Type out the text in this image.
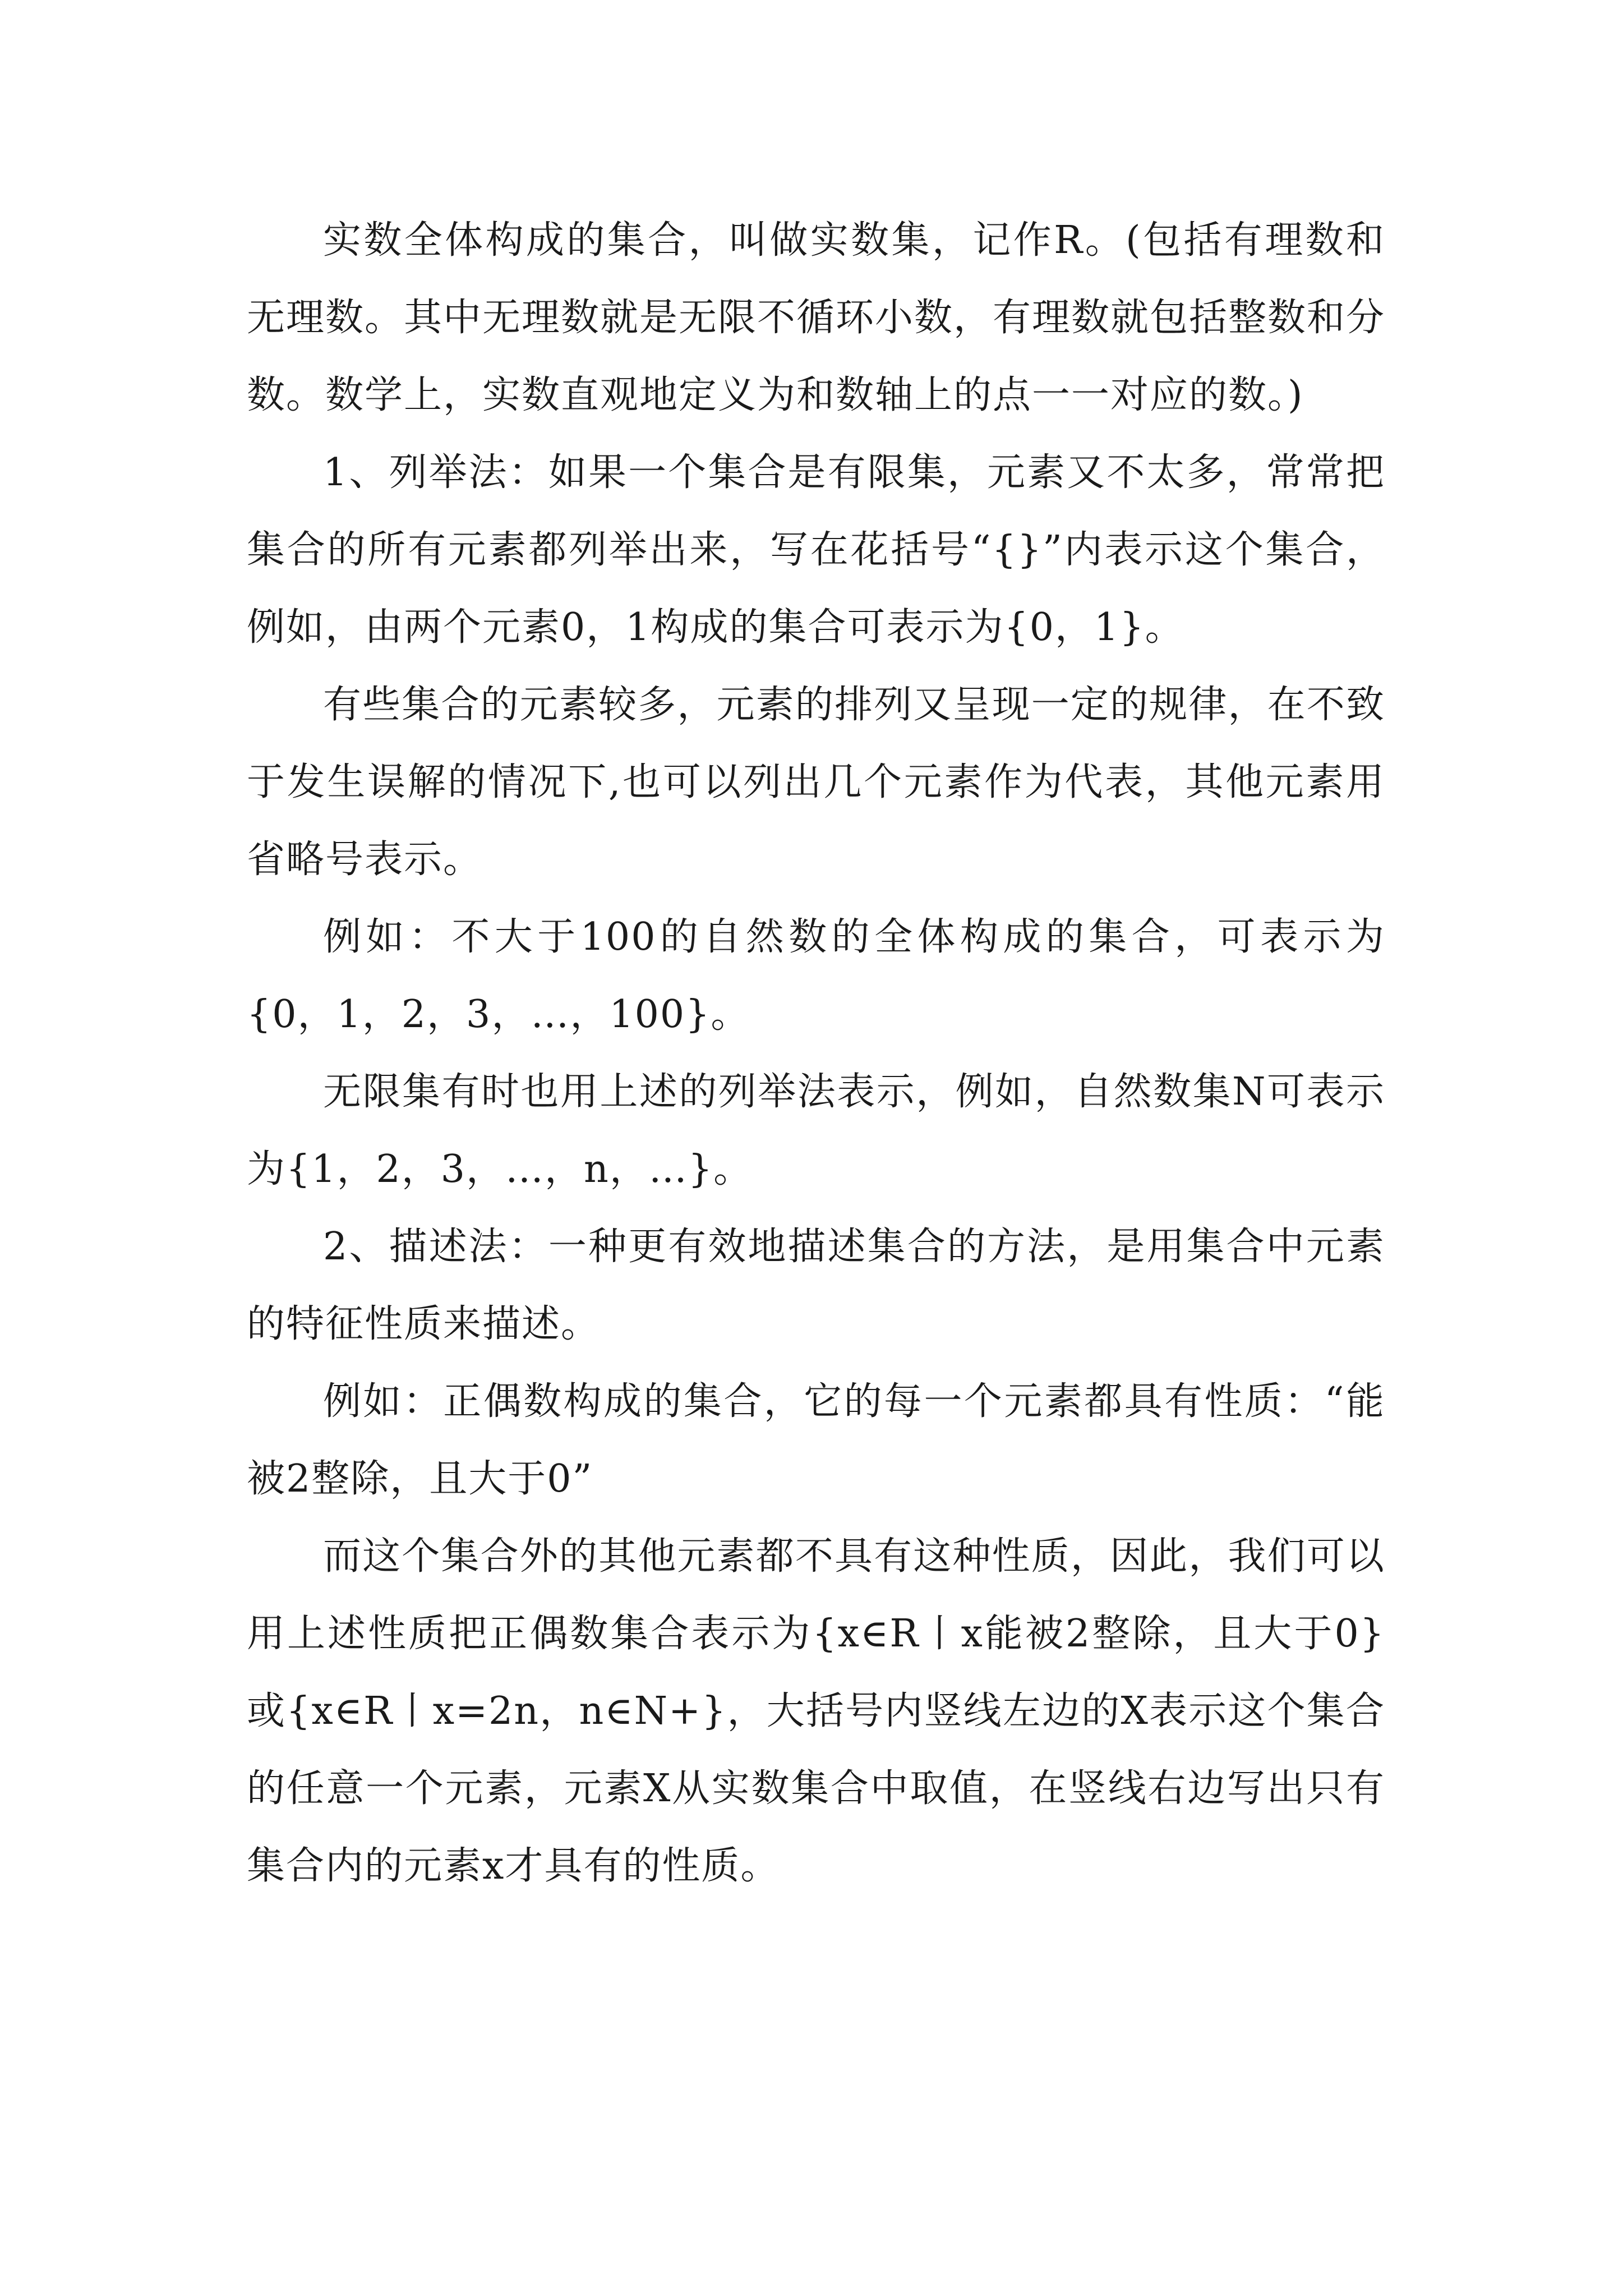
实数全体构成的集合，叫做实数集，记作R。(包括有理数和无理数。其中无理数就是无限不循环小数，有理数就包括整数和分数。数学上，实数直观地定义为和数轴上的点一一对应的数。)

1、列举法：如果一个集合是有限集，元素又不太多，常常把集合的所有元素都列举出来，写在花括号“{}”内表示这个集合，例如，由两个元素0，1构成的集合可表示为{0，1}。

有些集合的元素较多，元素的排列又呈现一定的规律，在不致于发生误解的情况下,也可以列出几个元素作为代表，其他元素用省略号表示。

例如：不大于100的自然数的全体构成的集合，可表示为{0，1，2，3，…，100}。

无限集有时也用上述的列举法表示，例如，自然数集N可表示为{1，2，3，…，n，…}。

2、描述法：一种更有效地描述集合的方法，是用集合中元素的特征性质来描述。

例如：正偶数构成的集合，它的每一个元素都具有性质：“能被2整除，且大于0”

而这个集合外的其他元素都不具有这种性质，因此，我们可以用上述性质把正偶数集合表示为{x∈R丨x能被2整除，且大于0}或{x∈R丨x=2n，n∈N+}，大括号内竖线左边的X表示这个集合的任意一个元素，元素X从实数集合中取值，在竖线右边写出只有集合内的元素x才具有的性质。
